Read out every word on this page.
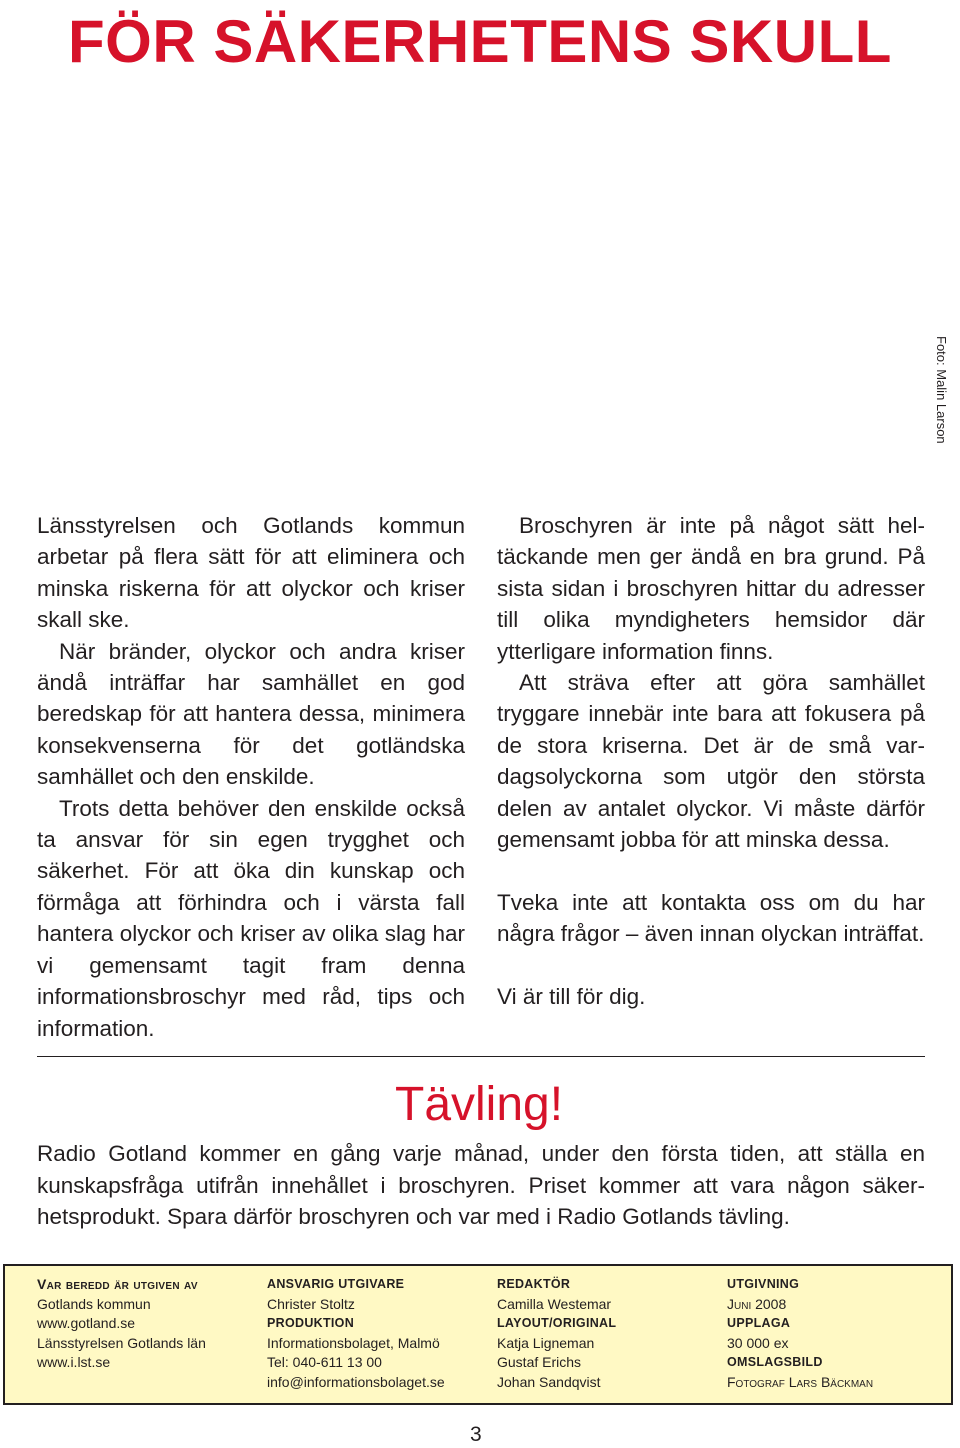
FÖR SÄKERHETENS SKULL
Foto: Malin Larson

Länsstyrelsen och Gotlands kommun arbetar på flera sätt för att eliminera och minska riskerna för att olyckor och kriser skall ske.

När bränder, olyckor och andra kriser ändå inträffar har samhället en god beredskap för att hantera dessa, minimera konsekvenserna för det gotländska samhället och den enskilde.

Trots detta behöver den enskilde också ta ansvar för sin egen trygghet och säkerhet. För att öka din kunskap och förmåga att förhindra och i värsta fall hantera olyckor och kriser av olika slag har vi gemensamt tagit fram denna informationsbroschyr med råd, tips och information.

Broschyren är inte på något sätt heltäckande men ger ändå en bra grund. På sista sidan i broschyren hittar du adresser till olika myndigheters hemsidor där ytterligare information finns.

Att sträva efter att göra samhället tryggare innebär inte bara att fokusera på de stora kriserna. Det är de små vardagsolyckorna som utgör den största delen av antalet olyckor. Vi måste därför gemensamt jobba för att minska dessa.

Tveka inte att kontakta oss om du har några frågor – även innan olyckan inträffat.

Vi är till för dig.

Tävling!

Radio Gotland kommer en gång varje månad, under den första tiden, att ställa en kunskapsfråga utifrån innehållet i broschyren. Priset kommer att vara någon säkerhetsprodukt. Spara därför broschyren och var med i Radio Gotlands tävling.

Var beredd är utgiven av
Gotlands kommun
www.gotland.se
Länsstyrelsen Gotlands län
www.i.lst.se
ANSVARIG UTGIVARE
Christer Stoltz
PRODUKTION
Informationsbolaget, Malmö
Tel: 040-611 13 00
info@informationsbolaget.se
REDAKTÖR
Camilla Westemar
LAYOUT/ORIGINAL
Katja Ligneman
Gustaf Erichs
Johan Sandqvist
UTGIVNING
Juni 2008
UPPLAGA
30 000 ex
OMSLAGSBILD
Fotograf Lars Bäckman
3
